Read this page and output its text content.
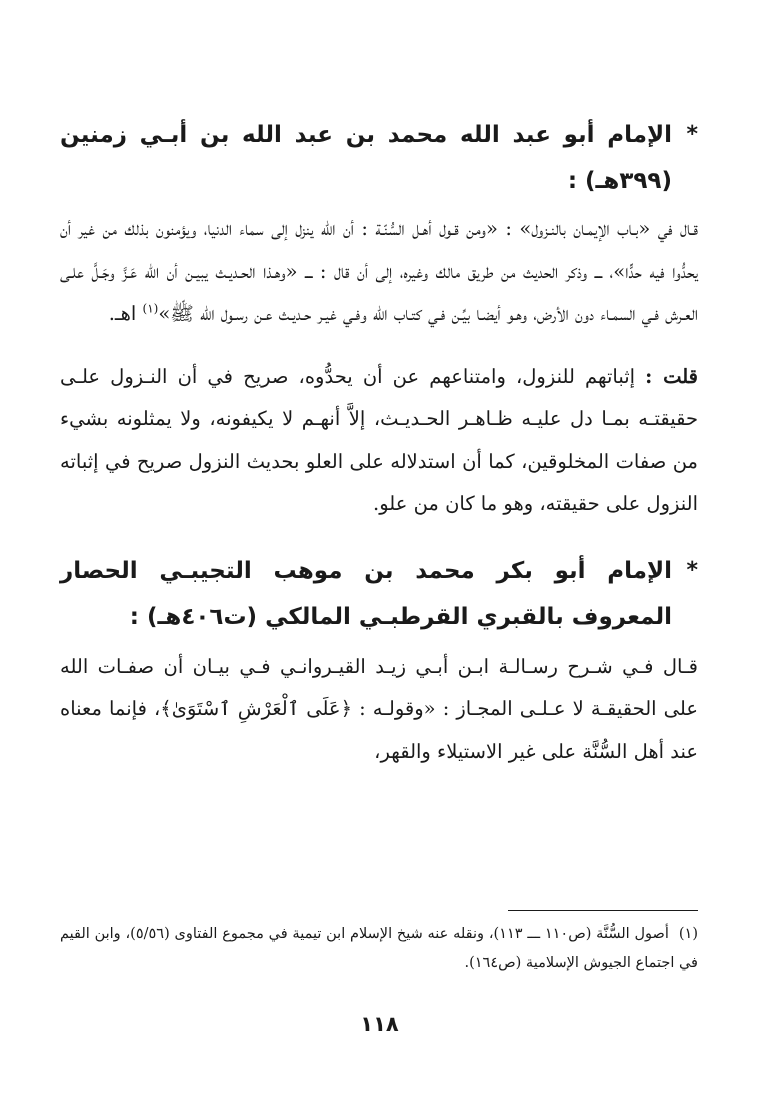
*
الإمام أبو عبد الله محمد بن عبد الله بن أبـي زمنين (٣٩٩هـ) :

قـال في «بـاب الإيمـان بالنـزول» : «ومن قـول أهـل السُّنّـة : أن الله ينزل إلى سماء الدنيا، ويؤمنون بذلك من غير أن يحدُّوا فيه حدًّا»، ـــ وذكر الحديث من طريق مالك وغيره، إلى أن قال : ـــ «وهـذا الحـديـث يبيـن أن الله عَـزَّ وجَـلَّ علـى العـرش فـي السمـاء دون الأرض، وهـو أيضـا بيِّـن فـي كتـاب الله وفـي غيـر حـديـث عـن رسـول الله ﷺ»$^{(١)}$ اهـ.

قلت : إثباتهم للنزول، وامتناعهم عن أن يحدُّوه، صريح في أن النـزول علـى حقيقتـه بمـا دل عليـه ظـاهـر الحـديـث، إلاَّ أنهـم لا يكيفونه، ولا يمثلونه بشيء من صفات المخلوقين، كما أن استدلاله على العلو بحديث النزول صريح في إثباته النزول على حقيقته، وهو ما كان من علو.

*
الإمام أبو بكر محمد بن موهب التجيبـي الحصار المعروف بالقبري القرطبـي المالكي (ت٤٠٦هـ) :

قـال فـي شـرح رسـالـة ابـن أبـي زيـد القيـروانـي فـي بيـان أن صفـات الله على الحقيقـة لا عـلـى المجـاز : «وقولـه : ﴿عَلَى ٱلْعَرْشِ ٱسْتَوَىٰ﴾، فإنما معناه عند أهل السُّنَّة على غير الاستيلاء والقهر،

(١)أصول السُّنَّة (ص١١٠ ـــ ١١٣)، ونقله عنه شيخ الإسلام ابن تيمية في مجموع الفتاوى (٥/٥٦)، وابن القيم في اجتماع الجيوش الإسلامية (ص١٦٤).

١١٨
